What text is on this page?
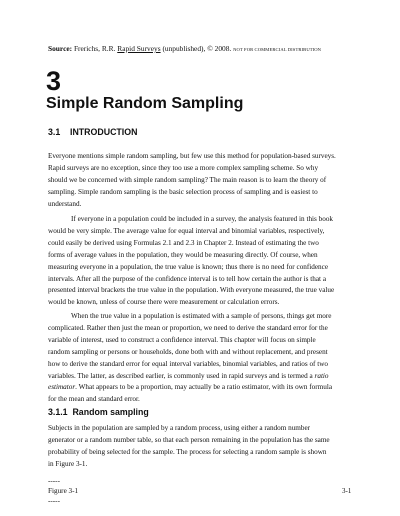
Source: Frerichs, R.R. Rapid Surveys (unpublished), © 2008. NOT FOR COMMERCIAL DISTRIBUTION
3
Simple Random Sampling
3.1    INTRODUCTION
Everyone mentions simple random sampling, but few use this method for population-based surveys.
Rapid surveys are no exception, since they too use a more complex sampling scheme. So why
should we be concerned with simple random sampling? The main reason is to learn the theory of
sampling. Simple random sampling is the basic selection process of sampling and is easiest to
understand.
If everyone in a population could be included in a survey, the analysis featured in this book
would be very simple. The average value for equal interval and binomial variables, respectively,
could easily be derived using Formulas 2.1 and 2.3 in Chapter 2. Instead of estimating the two
forms of average values in the population, they would be measuring directly. Of course, when
measuring everyone in a population, the true value is known; thus there is no need for confidence
intervals. After all the purpose of the confidence interval is to tell how certain the author is that a
presented interval brackets the true value in the population. With everyone measured, the true value
would be known, unless of course there were measurement or calculation errors.
When the true value in a population is estimated with a sample of persons, things get more
complicated. Rather then just the mean or proportion, we need to derive the standard error for the
variable of interest, used to construct a confidence interval. This chapter will focus on simple
random sampling or persons or households, done both with and without replacement, and present
how to derive the standard error for equal interval variables, binomial variables, and ratios of two
variables. The latter, as described earlier, is commonly used in rapid surveys and is termed a ratio
estimator. What appears to be a proportion, may actually be a ratio estimator, with its own formula
for the mean and standard error.
3.1.1  Random sampling
Subjects in the population are sampled by a random process, using either a random number
generator or a random number table, so that each person remaining in the population has the same
probability of being selected for the sample. The process for selecting a random sample is shown
in Figure 3-1.
-----
Figure 3-1
-----
3-1
